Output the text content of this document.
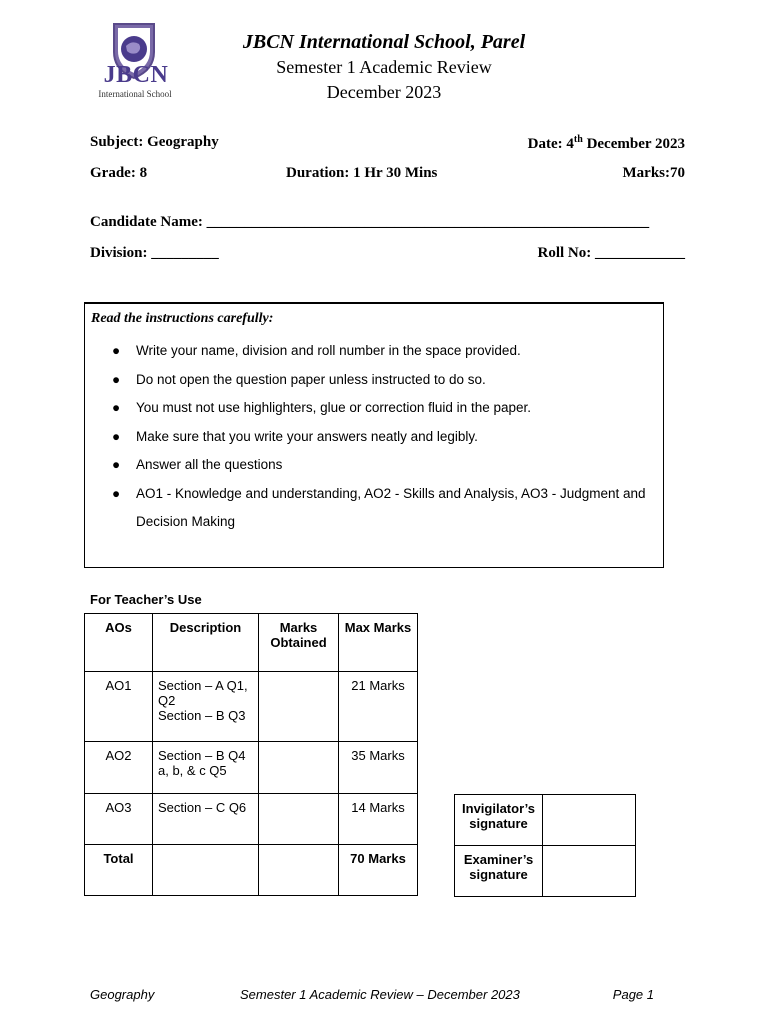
JBCN
International School
JBCN International School, Parel
Semester 1 Academic Review
December 2023
Subject: Geography	Date: 4th December 2023
Grade: 8	Duration: 1 Hr 30 Mins	Marks:70
Candidate Name: ___________________________________________________________
Division: _________	Roll No: ____________
Read the instructions carefully:
● Write your name, division and roll number in the space provided.
● Do not open the question paper unless instructed to do so.
● You must not use highlighters, glue or correction fluid in the paper.
● Make sure that you write your answers neatly and legibly.
● Answer all the questions
● AO1 - Knowledge and understanding, AO2 - Skills and Analysis, AO3 - Judgment and Decision Making
For Teacher’s Use
AOs	Description	Marks Obtained	Max Marks
AO1	Section – A Q1, Q2
Section – B Q3		21 Marks
AO2	Section – B Q4 a, b, & c Q5		35 Marks
AO3	Section – C Q6		14 Marks
Total			70 Marks
Invigilator’s signature	
Examiner’s signature	
Geography	Semester 1 Academic Review – December 2023	Page 1
